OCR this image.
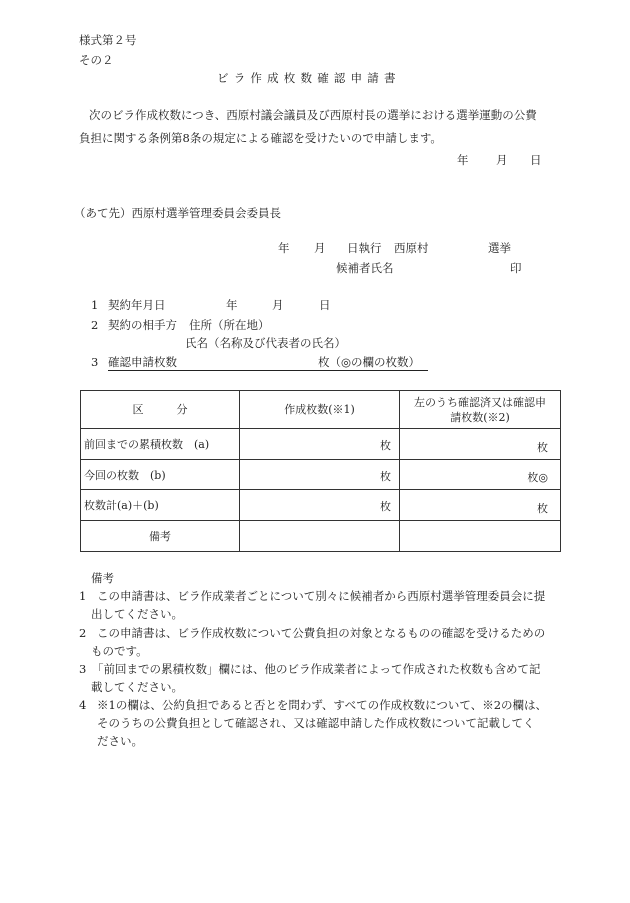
様式第２号
その２
ビラ作成枚数確認申請書
次のビラ作成枚数につき、西原村議会議員及び西原村長の選挙における選挙運動の公費
負担に関する条例第8条の規定による確認を受けたいので申請します。
年 月 日
（あて先）西原村選挙管理委員会委員長
年 月 日執行 西原村	選挙
候補者氏名	印
1 契約年月日	年	月	日
2 契約の相手方 住所（所在地）
氏名（名称及び代表者の氏名）
3 確認申請枚数	枚（◎の欄の枚数）
区　　　分	作成枚数(※1)	左のうち確認済又は確認申
請枚数(※2)

前回までの累積枚数　(a)	枚	枚

今回の枚数　(b)	枚	枚◎

枚数計(a)＋(b)	枚	枚

備考		
備考
1 この申請書は、ビラ作成業者ごとについて別々に候補者から西原村選挙管理委員会に提
出してください。
2 この申請書は、ビラ作成枚数について公費負担の対象となるものの確認を受けるための
ものです。
3 「前回までの累積枚数」欄には、他のビラ作成業者によって作成された枚数も含めて記
載してください。
4 ※1の欄は、公約負担であると否とを問わず、すべての作成枚数について、※2の欄は、
そのうちの公費負担として確認され、又は確認申請した作成枚数について記載してく
ださい。
